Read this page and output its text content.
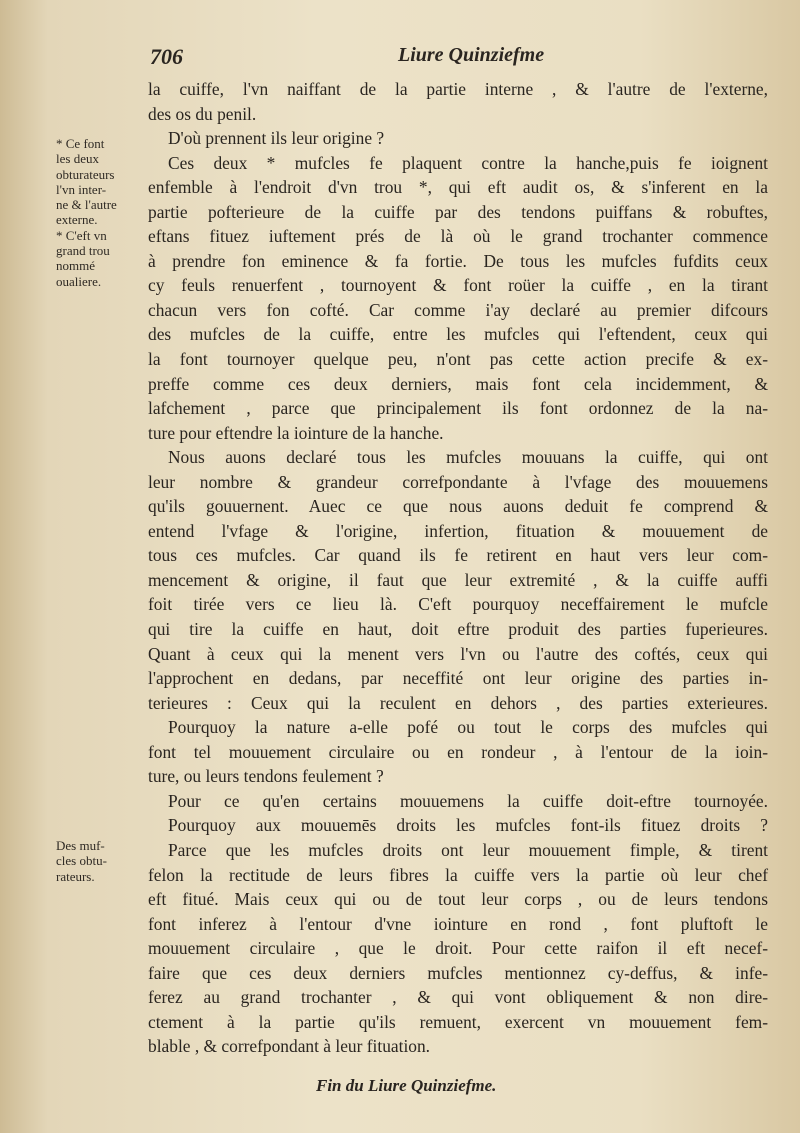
706	Liure Quinziefme
* Ce font
les deux
obturateurs
l'vn inter-
ne & l'autre
externe.
* C'eft vn
grand trou
nommé
oualiere.
Des muf-
cles obtu-
rateurs.
la cuiffe, l'vn naiffant de la partie interne , & l'autre de l'externe,
des os du penil.
D'où prennent ils leur origine ?
Ces deux * mufcles fe plaquent contre la hanche,puis fe ioignent
enfemble à l'endroit d'vn trou *, qui eft audit os, & s'inferent en la
partie pofterieure de la cuiffe par des tendons puiffans & robuftes,
eftans fituez iuftement prés de là où le grand trochanter commence
à prendre fon eminence & fa fortie. De tous les mufcles fufdits ceux
cy feuls renuerfent , tournoyent & font roüer la cuiffe , en la tirant
chacun vers fon cofté. Car comme i'ay declaré au premier difcours
des mufcles de la cuiffe, entre les mufcles qui l'eftendent, ceux qui
la font tournoyer quelque peu, n'ont pas cette action precife & ex-
preffe comme ces deux derniers, mais font cela incidemment, &
lafchement , parce que principalement ils font ordonnez de la na-
ture pour eftendre la iointure de la hanche.
Nous auons declaré tous les mufcles mouuans la cuiffe, qui ont
leur nombre & grandeur correfpondante à l'vfage des mouuemens
qu'ils gouuernent. Auec ce que nous auons deduit fe comprend &
entend l'vfage & l'origine, infertion, fituation & mouuement de
tous ces mufcles. Car quand ils fe retirent en haut vers leur com-
mencement & origine, il faut que leur extremité , & la cuiffe auffi
foit tirée vers ce lieu là. C'eft pourquoy neceffairement le mufcle
qui tire la cuiffe en haut, doit eftre produit des parties fuperieures.
Quant à ceux qui la menent vers l'vn ou l'autre des coftés, ceux qui
l'approchent en dedans, par neceffité ont leur origine des parties in-
terieures : Ceux qui la reculent en dehors , des parties exterieures.
Pourquoy la nature a-elle pofé ou tout le corps des mufcles qui
font tel mouuement circulaire ou en rondeur , à l'entour de la ioin-
ture, ou leurs tendons feulement ?
Pour ce qu'en certains mouuemens la cuiffe doit-eftre tournoyée.
Pourquoy aux mouuemēs droits les mufcles font-ils fituez droits ?
Parce que les mufcles droits ont leur mouuement fimple, & tirent
felon la rectitude de leurs fibres la cuiffe vers la partie où leur chef
eft fitué. Mais ceux qui ou de tout leur corps , ou de leurs tendons
font inferez à l'entour d'vne iointure en rond , font pluftoft le
mouuement circulaire , que le droit. Pour cette raifon il eft necef-
faire que ces deux derniers mufcles mentionnez cy-deffus, & infe-
ferez au grand trochanter , & qui vont obliquement & non dire-
ctement à la partie qu'ils remuent, exercent vn mouuement fem-
blable , & correfpondant à leur fituation.
Fin du Liure Quinziefme.
